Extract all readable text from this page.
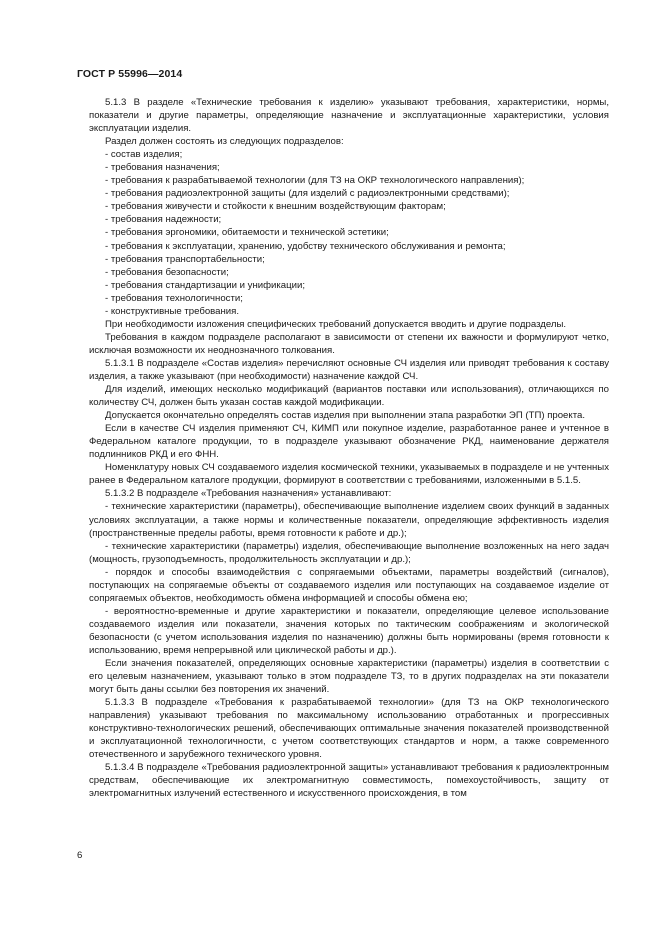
ГОСТ Р 55996—2014

5.1.3 В разделе «Технические требования к изделию» указывают требования, характеристики, нормы, показатели и другие параметры, определяющие назначение и эксплуатационные характеристики, условия эксплуатации изделия.

Раздел должен состоять из следующих подразделов:

- состав изделия;

- требования назначения;

- требования к разрабатываемой технологии (для ТЗ на ОКР технологического направления);

- требования радиоэлектронной защиты (для изделий с радиоэлектронными средствами);

- требования живучести и стойкости к внешним воздействующим факторам;

- требования надежности;

- требования эргономики, обитаемости и технической эстетики;

- требования к эксплуатации, хранению, удобству технического обслуживания и ремонта;

- требования транспортабельности;

- требования безопасности;

- требования стандартизации и унификации;

- требования технологичности;

- конструктивные требования.

При необходимости изложения специфических требований допускается вводить и другие подразделы.

Требования в каждом подразделе располагают в зависимости от степени их важности и формулируют четко, исключая возможности их неоднозначного толкования.

5.1.3.1 В подразделе «Состав изделия» перечисляют основные СЧ изделия или приводят требования к составу изделия, а также указывают (при необходимости) назначение каждой СЧ.

Для изделий, имеющих несколько модификаций (вариантов поставки или использования), отличающихся по количеству СЧ, должен быть указан состав каждой модификации.

Допускается окончательно определять состав изделия при выполнении этапа разработки ЭП (ТП) проекта.

Если в качестве СЧ изделия применяют СЧ, КИМП или покупное изделие, разработанное ранее и учтенное в Федеральном каталоге продукции, то в подразделе указывают обозначение РКД, наименование держателя подлинников РКД и его ФНН.

Номенклатуру новых СЧ создаваемого изделия космической техники, указываемых в подразделе и не учтенных ранее в Федеральном каталоге продукции, формируют в соответствии с требованиями, изложенными в 5.1.5.

5.1.3.2 В подразделе «Требования назначения» устанавливают:

- технические характеристики (параметры), обеспечивающие выполнение изделием своих функций в заданных условиях эксплуатации, а также нормы и количественные показатели, определяющие эффективность изделия (пространственные пределы работы, время готовности к работе и др.);

- технические характеристики (параметры) изделия, обеспечивающие выполнение возложенных на него задач (мощность, грузоподъемность, продолжительность эксплуатации и др.);

- порядок и способы взаимодействия с сопрягаемыми объектами, параметры воздействий (сигналов), поступающих на сопрягаемые объекты от создаваемого изделия или поступающих на создаваемое изделие от сопрягаемых объектов, необходимость обмена информацией и способы обмена ею;

- вероятностно-временные и другие характеристики и показатели, определяющие целевое использование создаваемого изделия или показатели, значения которых по тактическим соображениям и экологической безопасности (с учетом использования изделия по назначению) должны быть нормированы (время готовности к использованию, время непрерывной или циклической работы и др.).

Если значения показателей, определяющих основные характеристики (параметры) изделия в соответствии с его целевым назначением, указывают только в этом подразделе ТЗ, то в других подразделах на эти показатели могут быть даны ссылки без повторения их значений.

5.1.3.3 В подразделе «Требования к разрабатываемой технологии» (для ТЗ на ОКР технологического направления) указывают требования по максимальному использованию отработанных и прогрессивных конструктивно-технологических решений, обеспечивающих оптимальные значения показателей производственной и эксплуатационной технологичности, с учетом соответствующих стандартов и норм, а также современного отечественного и зарубежного технического уровня.

5.1.3.4 В подразделе «Требования радиоэлектронной защиты» устанавливают требования к радиоэлектронным средствам, обеспечивающие их электромагнитную совместимость, помехоустойчивость, защиту от электромагнитных излучений естественного и искусственного происхождения, в том

6
